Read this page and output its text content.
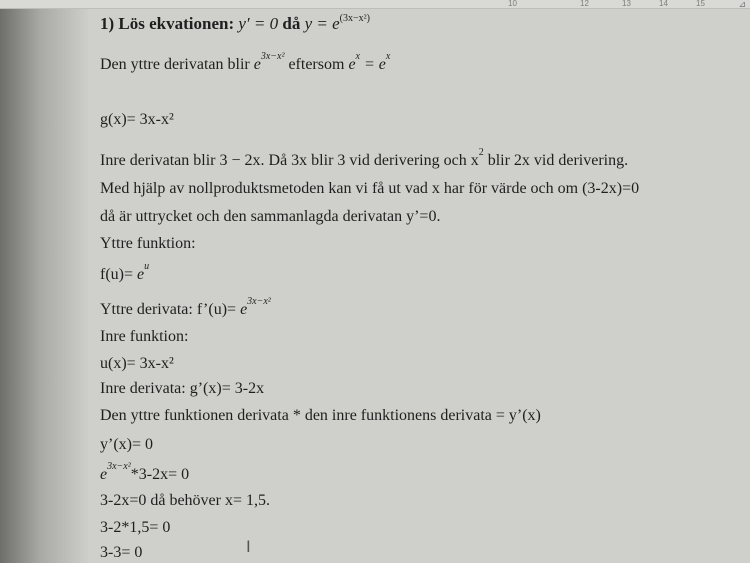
10	12	13	14	15	⊿
1) Lös ekvationen: y′ = 0 då $y = e^{(3x-x^2)}$
Den yttre derivatan blir $e^{3x-x^2}$ eftersom $e^x = e^x$
g(x)= 3x-x²
Inre derivatan blir 3 − 2x. Då 3x blir 3 vid derivering och $x^2$ blir 2x vid derivering.
Med hjälp av nollproduktsmetoden kan vi få ut vad x har för värde och om (3-2x)=0
då är uttrycket och den sammanlagda derivatan y’=0.
Yttre funktion:
$f(u)= e^u$
Yttre derivata: f’(u)= $e^{3x-x^2}$
Inre funktion:
u(x)= 3x-x²
Inre derivata: g’(x)= 3-2x
Den yttre funktionen derivata * den inre funktionens derivata = y’(x)
y’(x)= 0
$e^{3x-x^2}*3-2x= 0$
3-2x=0 då behöver x= 1,5.
3-2*1,5= 0
3-3= 0	I
